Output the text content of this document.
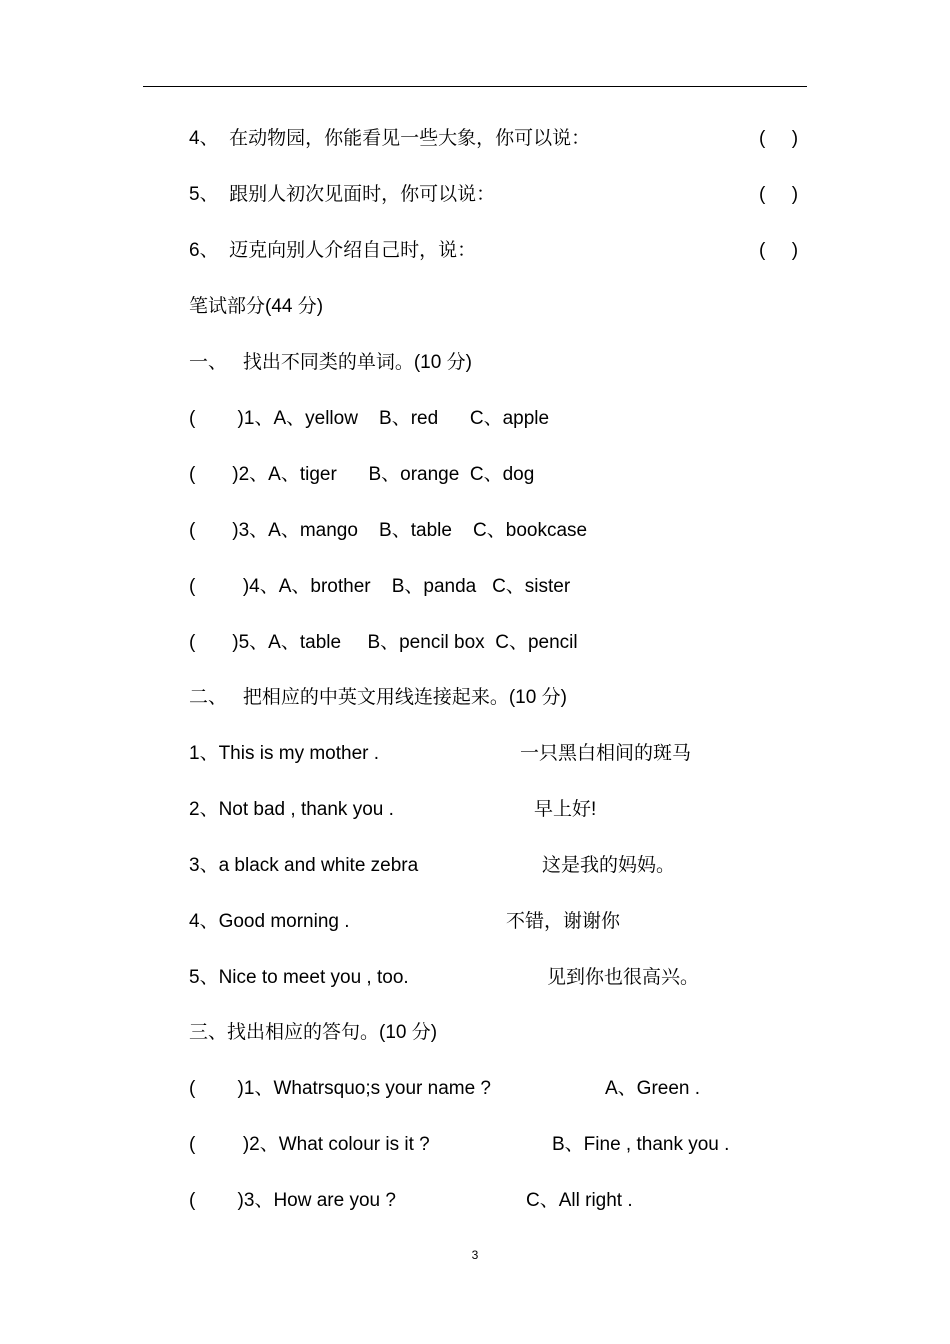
4、  在动物园，你能看见一些大象，你可以说：	(     )
5、  跟别人初次见面时，你可以说：	(     )
6、  迈克向别人介绍自己时，说：	(     )
笔试部分(44 分)
一、   找出不同类的单词。(10 分)
(        )1、A、yellow    B、red      C、apple
(       )2、A、tiger      B、orange  C、dog
(       )3、A、mango    B、table    C、bookcase
(         )4、A、brother    B、panda   C、sister
(       )5、A、table     B、pencil box  C、pencil
二、   把相应的中英文用线连接起来。(10 分)
1、This is my mother .	一只黑白相间的斑马
2、Not bad , thank you .	早上好!
3、a black and white zebra	这是我的妈妈。
4、Good morning .	不错，谢谢你
5、Nice to meet you , too.	见到你也很高兴。
三、找出相应的答句。(10 分)
(        )1、Whatrsquo;s your name ?	A、Green .
(         )2、What colour is it ?	B、Fine , thank you .
(        )3、How are you ?	C、All right .
3
